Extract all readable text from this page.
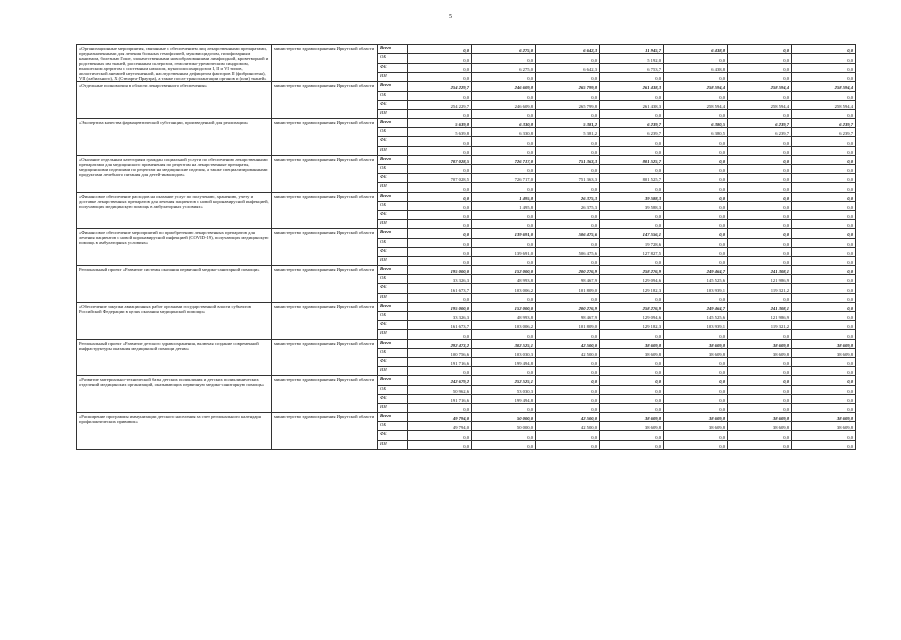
5
«Организационные мероприятия, связанные с обеспечением лиц лекарственными препаратами, предназначенными для лечения больных гемофилией, муковисцидозом, гипофизарным нанизмом, болезнью Гоше, злокачественными новообразованиями лимфоидной, кроветворной и родственных им тканей, рассеянным склерозом, гемолитико-уремическим синдромом, юношеским артритом с системным началом, мукополисахаридозом I, II и VI типов, апластической анемией неуточненной, наследственным дефицитом факторов II (фибриногена), VII (лабильного), X (Стюарта-Прауэра), а также после трансплантации органов и (или) тканей»	министерство здравоохранения Иркутской области	Всего	0,0	6 275,0	6 642,3	11 945,7	6 438,8	0,0	0,0
		ОБ	0,0	0,0	0,0	5 192,0	0,0	0,0	0,0
		ФБ	0,0	6 275,0	6 642,3	6 753,7	6 438,8	0,0	0,0
		ИИ	0,0	0,0	0,0	0,0	0,0	0,0	0,0
«Отдельные полномочия в области лекарственного обеспечения»	министерство здравоохранения Иркутской области	Всего	254 229,7	246 609,8	265 799,8	261 438,3	258 594,4	258 594,4	258 594,4
		ОБ	0,0	0,0	0,0	0,0	0,0	0,0	0,0
		ФБ	254 229,7	246 609,8	265 799,8	261 438,3	258 594,4	258 594,4	258 594,4
		ИИ	0,0	0,0	0,0	0,0	0,0	0,0	0,0
«Экспертиза качества фармацевтической субстанции, произведенной для реализации»	министерство здравоохранения Иркутской области	Всего	5 639,8	6 330,8	5 381,2	6 239,7	6 380,5	6 239,7	6 239,7
		ОБ	5 639,8	6 330,8	5 381,2	6 239,7	6 380,5	6 239,7	6 239,7
		ФБ	0,0	0,0	0,0	0,0	0,0	0,0	0,0
		ИИ	0,0	0,0	0,0	0,0	0,0	0,0	0,0
«Оказание отдельным категориям граждан социальной услуги по обеспечению лекарственными препаратами для медицинского применения по рецептам на лекарственные препараты, медицинскими изделиями по рецептам на медицинские изделия, а также специализированными продуктами лечебного питания для детей-инвалидов»	министерство здравоохранения Иркутской области	Всего	707 028,5	726 717,0	751 363,3	801 525,7	0,0	0,0	0,0
		ОБ	0,0	0,0	0,0	0,0	0,0	0,0	0,0
		ФБ	707 028,5	726 717,0	751 363,3	801 525,7	0,0	0,0	0,0
		ИИ	0,0	0,0	0,0	0,0	0,0	0,0	0,0
«Финансовое обеспечение расходов на оказание услуг по получению, хранению, учету и доставке лекарственных препаратов для лечения пациентов с новой коронавирусной инфекцией, получающих медицинскую помощь в амбулаторных условиях»	министерство здравоохранения Иркутской области	Всего	0,0	1 495,8	26 375,3	39 588,3	0,0	0,0	0,0
		ОБ	0,0	1 495,8	26 375,3	39 588,3	0,0	0,0	0,0
		ФБ	0,0	0,0	0,0	0,0	0,0	0,0	0,0
		ИИ	0,0	0,0	0,0	0,0	0,0	0,0	0,0
«Финансовое обеспечение мероприятий по приобретению лекарственных препаратов для лечения пациентов с новой коронавирусной инфекцией (COVID-19), получающих медицинскую помощь в амбулаторных условиях»	министерство здравоохранения Иркутской области	Всего	0,0	139 691,0	506 475,6	147 556,1	0,0	0,0	0,0
		ОБ	0,0	0,0	0,0	19 728,6	0,0	0,0	0,0
		ФБ	0,0	139 691,0	506 475,6	127 827,5	0,0	0,0	0,0
		ИИ	0,0	0,0	0,0	0,0	0,0	0,0	0,0
Региональный проект «Развитие системы оказания первичной медико-санитарной помощи»	министерство здравоохранения Иркутской области	Всего	195 000,0	152 000,0	200 276,9	258 276,9	249 464,7	241 308,1	0,0
		ОБ	33 326,3	48 993,8	98 467,9	129 094,6	145 525,6	121 986,9	0,0
		ФБ	161 673,7	103 006,2	101 809,0	129 182,3	103 939,1	119 321,2	0,0
		ИИ	0,0	0,0	0,0	0,0	0,0	0,0	0,0
«Обеспечение закупки авиационных работ органами государственной власти субъектов Российской Федерации в целях оказания медицинской помощи»	министерство здравоохранения Иркутской области	Всего	195 000,0	152 000,0	200 276,9	258 276,9	249 464,7	241 308,1	0,0
		ОБ	33 326,3	48 993,8	98 467,9	129 094,6	145 525,6	121 986,9	0,0
		ФБ	161 673,7	103 006,2	101 809,0	129 182,3	103 939,1	119 321,2	0,0
		ИИ	0,0	0,0	0,0	0,0	0,0	0,0	0,0
Региональный проект «Развитие детского здравоохранения, включая создание современной инфраструктуры оказания медицинской помощи детям»	министерство здравоохранения Иркутской области	Всего	292 473,2	302 525,1	42 500,0	38 609,8	38 609,8	38 609,8	38 609,8
		ОБ	100 756,6	103 030,3	42 500,0	38 609,8	38 609,8	38 609,8	38 609,8
		ФБ	191 716,6	199 494,8	0,0	0,0	0,0	0,0	0,0
		ИИ	0,0	0,0	0,0	0,0	0,0	0,0	0,0
«Развитие материально-технической базы детских поликлиник и детских поликлинических отделений медицинских организаций, оказывающих первичную медико-санитарную помощь»	министерство здравоохранения Иркутской области	Всего	242 679,2	252 525,1	0,0	0,0	0,0	0,0	0,0
		ОБ	50 962,6	53 030,3	0,0	0,0	0,0	0,0	0,0
		ФБ	191 716,6	199 494,8	0,0	0,0	0,0	0,0	0,0
		ИИ	0,0	0,0	0,0	0,0	0,0	0,0	0,0
«Расширение программы иммунизации детского населения за счет регионального календаря профилактических прививок»	министерство здравоохранения Иркутской области	Всего	49 794,0	50 000,0	42 500,0	38 609,8	38 609,8	38 609,8	38 609,8
		ОБ	49 794,0	50 000,0	42 500,0	38 609,8	38 609,8	38 609,8	38 609,8
		ФБ	0,0	0,0	0,0	0,0	0,0	0,0	0,0
		ИИ	0,0	0,0	0,0	0,0	0,0	0,0	0,0
